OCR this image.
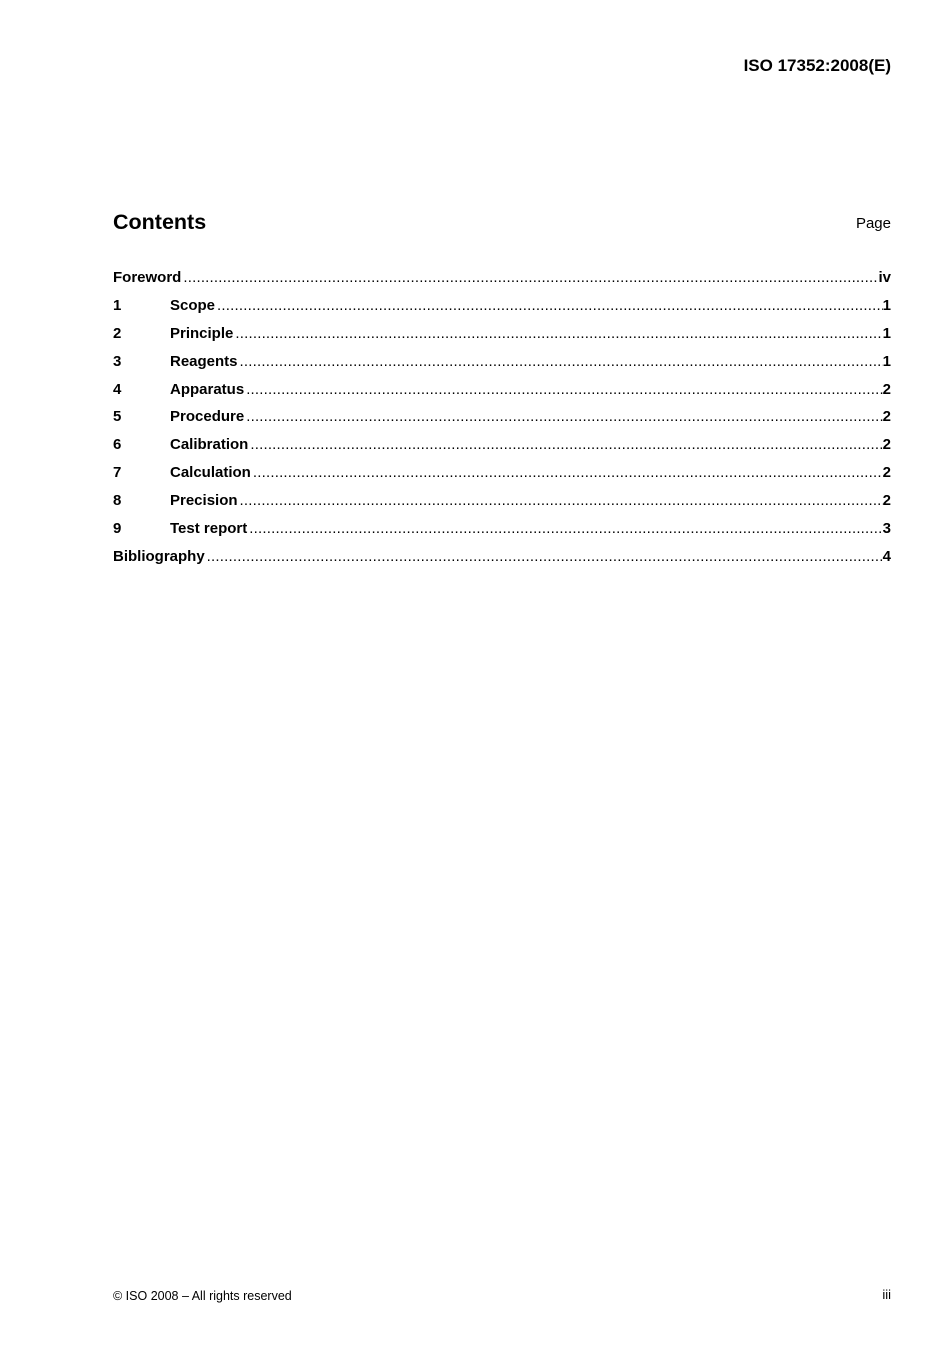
ISO 17352:2008(E)
Contents	Page
Foreword .....	iv
1	Scope .....	1
2	Principle .....	1
3	Reagents .....	1
4	Apparatus .....	2
5	Procedure .....	2
6	Calibration .....	2
7	Calculation .....	2
8	Precision .....	2
9	Test report .....	3
Bibliography .....	4
© ISO 2008 – All rights reserved	iii
